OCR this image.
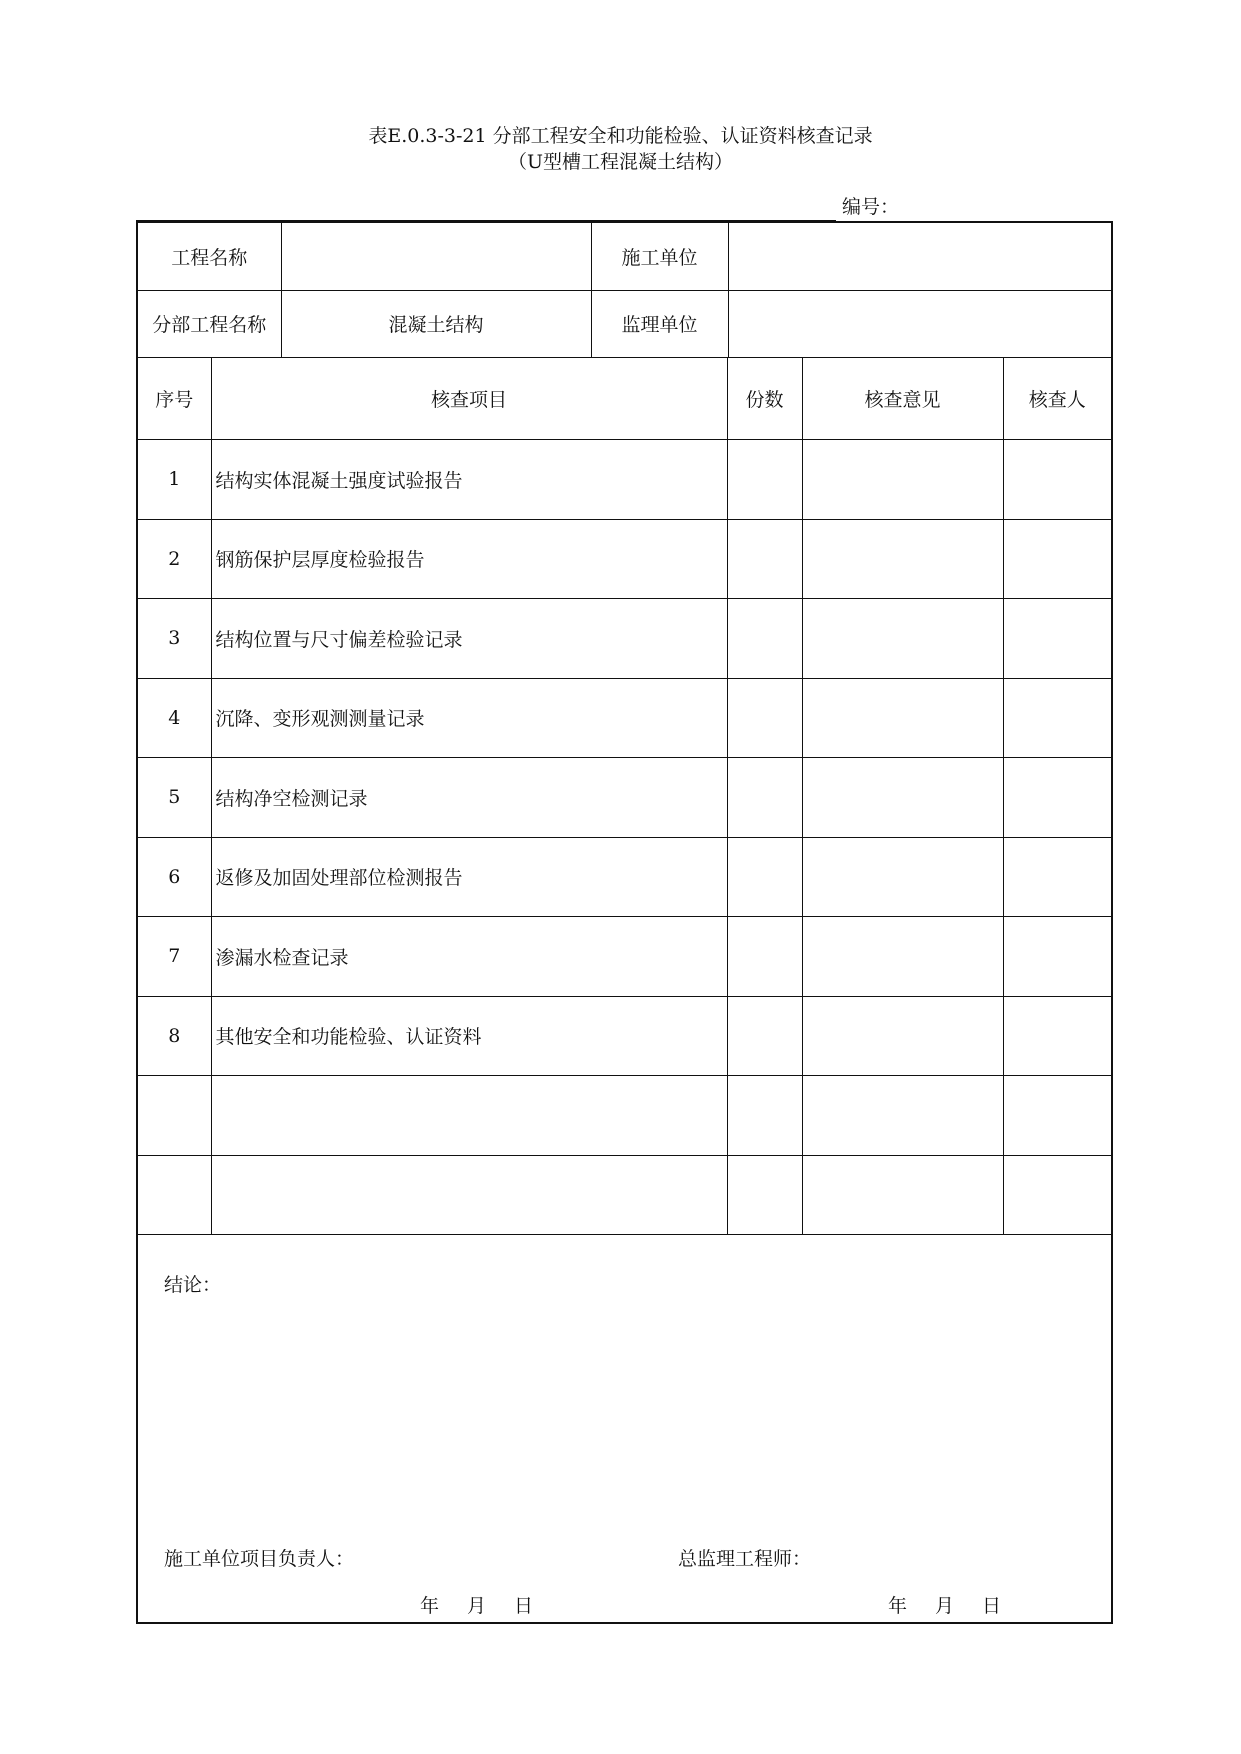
表E.0.3-3-21 分部工程安全和功能检验、认证资料核查记录
（U型槽工程混凝土结构）
编号：
工程名称		施工单位	
分部工程名称	混凝土结构	监理单位	
序号	核查项目	份数	核查意见	核查人
1	结构实体混凝土强度试验报告			
2	钢筋保护层厚度检验报告			
3	结构位置与尺寸偏差检验记录			
4	沉降、变形观测测量记录			
5	结构净空检测记录			
6	返修及加固处理部位检测报告			
7	渗漏水检查记录			
8	其他安全和功能检验、认证资料			

结论：
施工单位项目负责人：	总监理工程师：
年 月 日	年 月 日
